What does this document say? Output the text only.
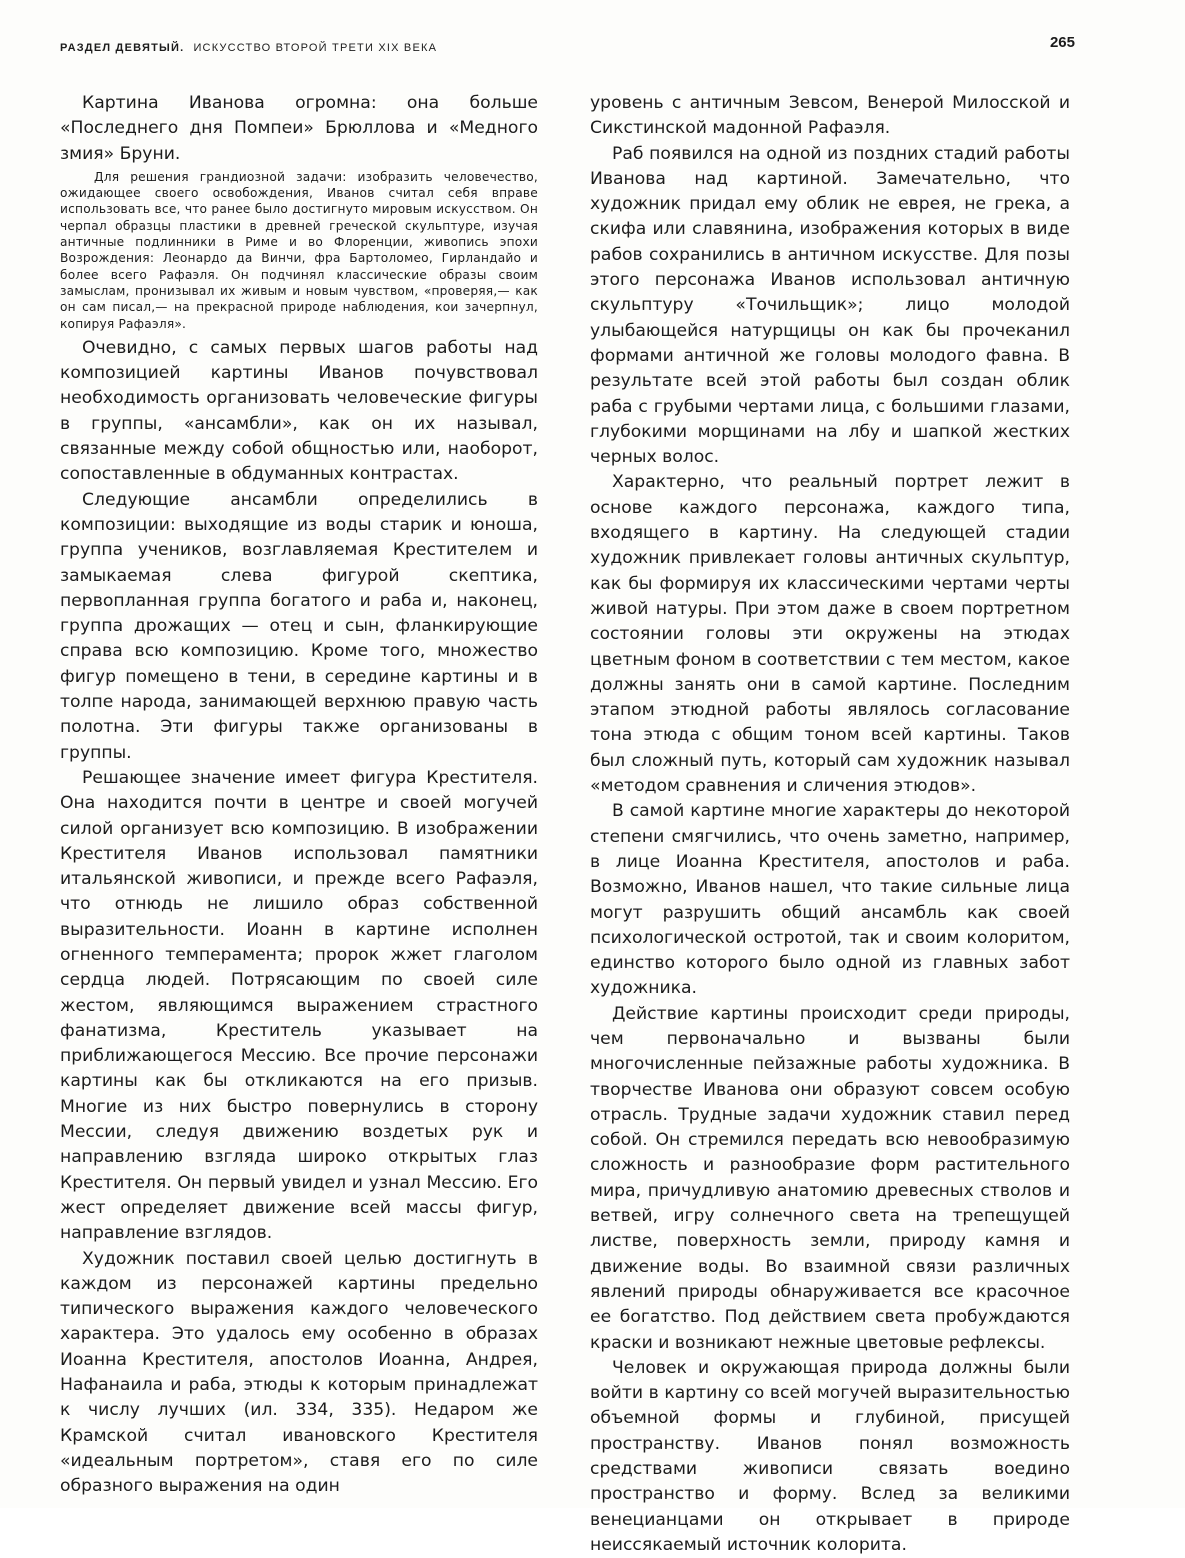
РАЗДЕЛ ДЕВЯТЫЙ. ИСКУССТВО ВТОРОЙ ТРЕТИ XIX ВЕКА	265

Картина Иванова огромна: она больше «Последнего дня Помпеи» Брюллова и «Медного змия» Бруни.

Для решения грандиозной задачи: изобразить человечество, ожидающее своего освобождения, Иванов считал себя вправе использовать все, что ранее было достигнуто мировым искусством. Он черпал образцы пластики в древней греческой скульптуре, изучая античные подлинники в Риме и во Флоренции, живопись эпохи Возрождения: Леонардо да Винчи, фра Бартоломео, Гирландайо и более всего Рафаэля. Он подчинял классические образы своим замыслам, пронизывал их живым и новым чувством, «проверяя,— как он сам писал,— на прекрасной природе наблюдения, кои зачерпнул, копируя Рафаэля».

Очевидно, с самых первых шагов работы над композицией картины Иванов почувствовал необходимость организовать человеческие фигуры в группы, «ансамбли», как он их называл, связанные между собой общностью или, наоборот, сопоставленные в обдуманных контрастах.

Следующие ансамбли определились в композиции: выходящие из воды старик и юноша, группа учеников, возглавляемая Крестителем и замыкаемая слева фигурой скептика, первопланная группа богатого и раба и, наконец, группа дрожащих — отец и сын, фланкирующие справа всю композицию. Кроме того, множество фигур помещено в тени, в середине картины и в толпе народа, занимающей верхнюю правую часть полотна. Эти фигуры также организованы в группы.

Решающее значение имеет фигура Крестителя. Она находится почти в центре и своей могучей силой организует всю композицию. В изображении Крестителя Иванов использовал памятники итальянской живописи, и прежде всего Рафаэля, что отнюдь не лишило образ собственной выразительности. Иоанн в картине исполнен огненного темперамента; пророк жжет глаголом сердца людей. Потрясающим по своей силе жестом, являющимся выражением страстного фанатизма, Креститель указывает на приближающегося Мессию. Все прочие персонажи картины как бы откликаются на его призыв. Многие из них быстро повернулись в сторону Мессии, следуя движению воздетых рук и направлению взгляда широко открытых глаз Крестителя. Он первый увидел и узнал Мессию. Его жест определяет движение всей массы фигур, направление взглядов.

Художник поставил своей целью достигнуть в каждом из персонажей картины предельно типического выражения каждого человеческого характера. Это удалось ему особенно в образах Иоанна Крестителя, апостолов Иоанна, Андрея, Нафанаила и раба, этюды к которым принадлежат к числу лучших (ил. 334, 335). Недаром же Крамской считал ивановского Крестителя «идеальным портретом», ставя его по силе образного выражения на один

уровень с античным Зевсом, Венерой Милосской и Сикстинской мадонной Рафаэля.

Раб появился на одной из поздних стадий работы Иванова над картиной. Замечательно, что художник придал ему облик не еврея, не грека, а скифа или славянина, изображения которых в виде рабов сохранились в античном искусстве. Для позы этого персонажа Иванов использовал античную скульптуру «Точильщик»; лицо молодой улыбающейся натурщицы он как бы прочеканил формами античной же головы молодого фавна. В результате всей этой работы был создан облик раба с грубыми чертами лица, с большими глазами, глубокими морщинами на лбу и шапкой жестких черных волос.

Характерно, что реальный портрет лежит в основе каждого персонажа, каждого типа, входящего в картину. На следующей стадии художник привлекает головы античных скульптур, как бы формируя их классическими чертами черты живой натуры. При этом даже в своем портретном состоянии головы эти окружены на этюдах цветным фоном в соответствии с тем местом, какое должны занять они в самой картине. Последним этапом этюдной работы являлось согласование тона этюда с общим тоном всей картины. Таков был сложный путь, который сам художник называл «методом сравнения и сличения этюдов».

В самой картине многие характеры до некоторой степени смягчились, что очень заметно, например, в лице Иоанна Крестителя, апостолов и раба. Возможно, Иванов нашел, что такие сильные лица могут разрушить общий ансамбль как своей психологической остротой, так и своим колоритом, единство которого было одной из главных забот художника.

Действие картины происходит среди природы, чем первоначально и вызваны были многочисленные пейзажные работы художника. В творчестве Иванова они образуют совсем особую отрасль. Трудные задачи художник ставил перед собой. Он стремился передать всю невообразимую сложность и разнообразие форм растительного мира, причудливую анатомию древесных стволов и ветвей, игру солнечного света на трепещущей листве, поверхность земли, природу камня и движение воды. Во взаимной связи различных явлений природы обнаруживается все красочное ее богатство. Под действием света пробуждаются краски и возникают нежные цветовые рефлексы.

Человек и окружающая природа должны были войти в картину со всей могучей выразительностью объемной формы и глубиной, присущей пространству. Иванов понял возможность средствами живописи связать воедино пространство и форму. Вслед за великими венецианцами он открывает в природе неиссякаемый источник колорита.
